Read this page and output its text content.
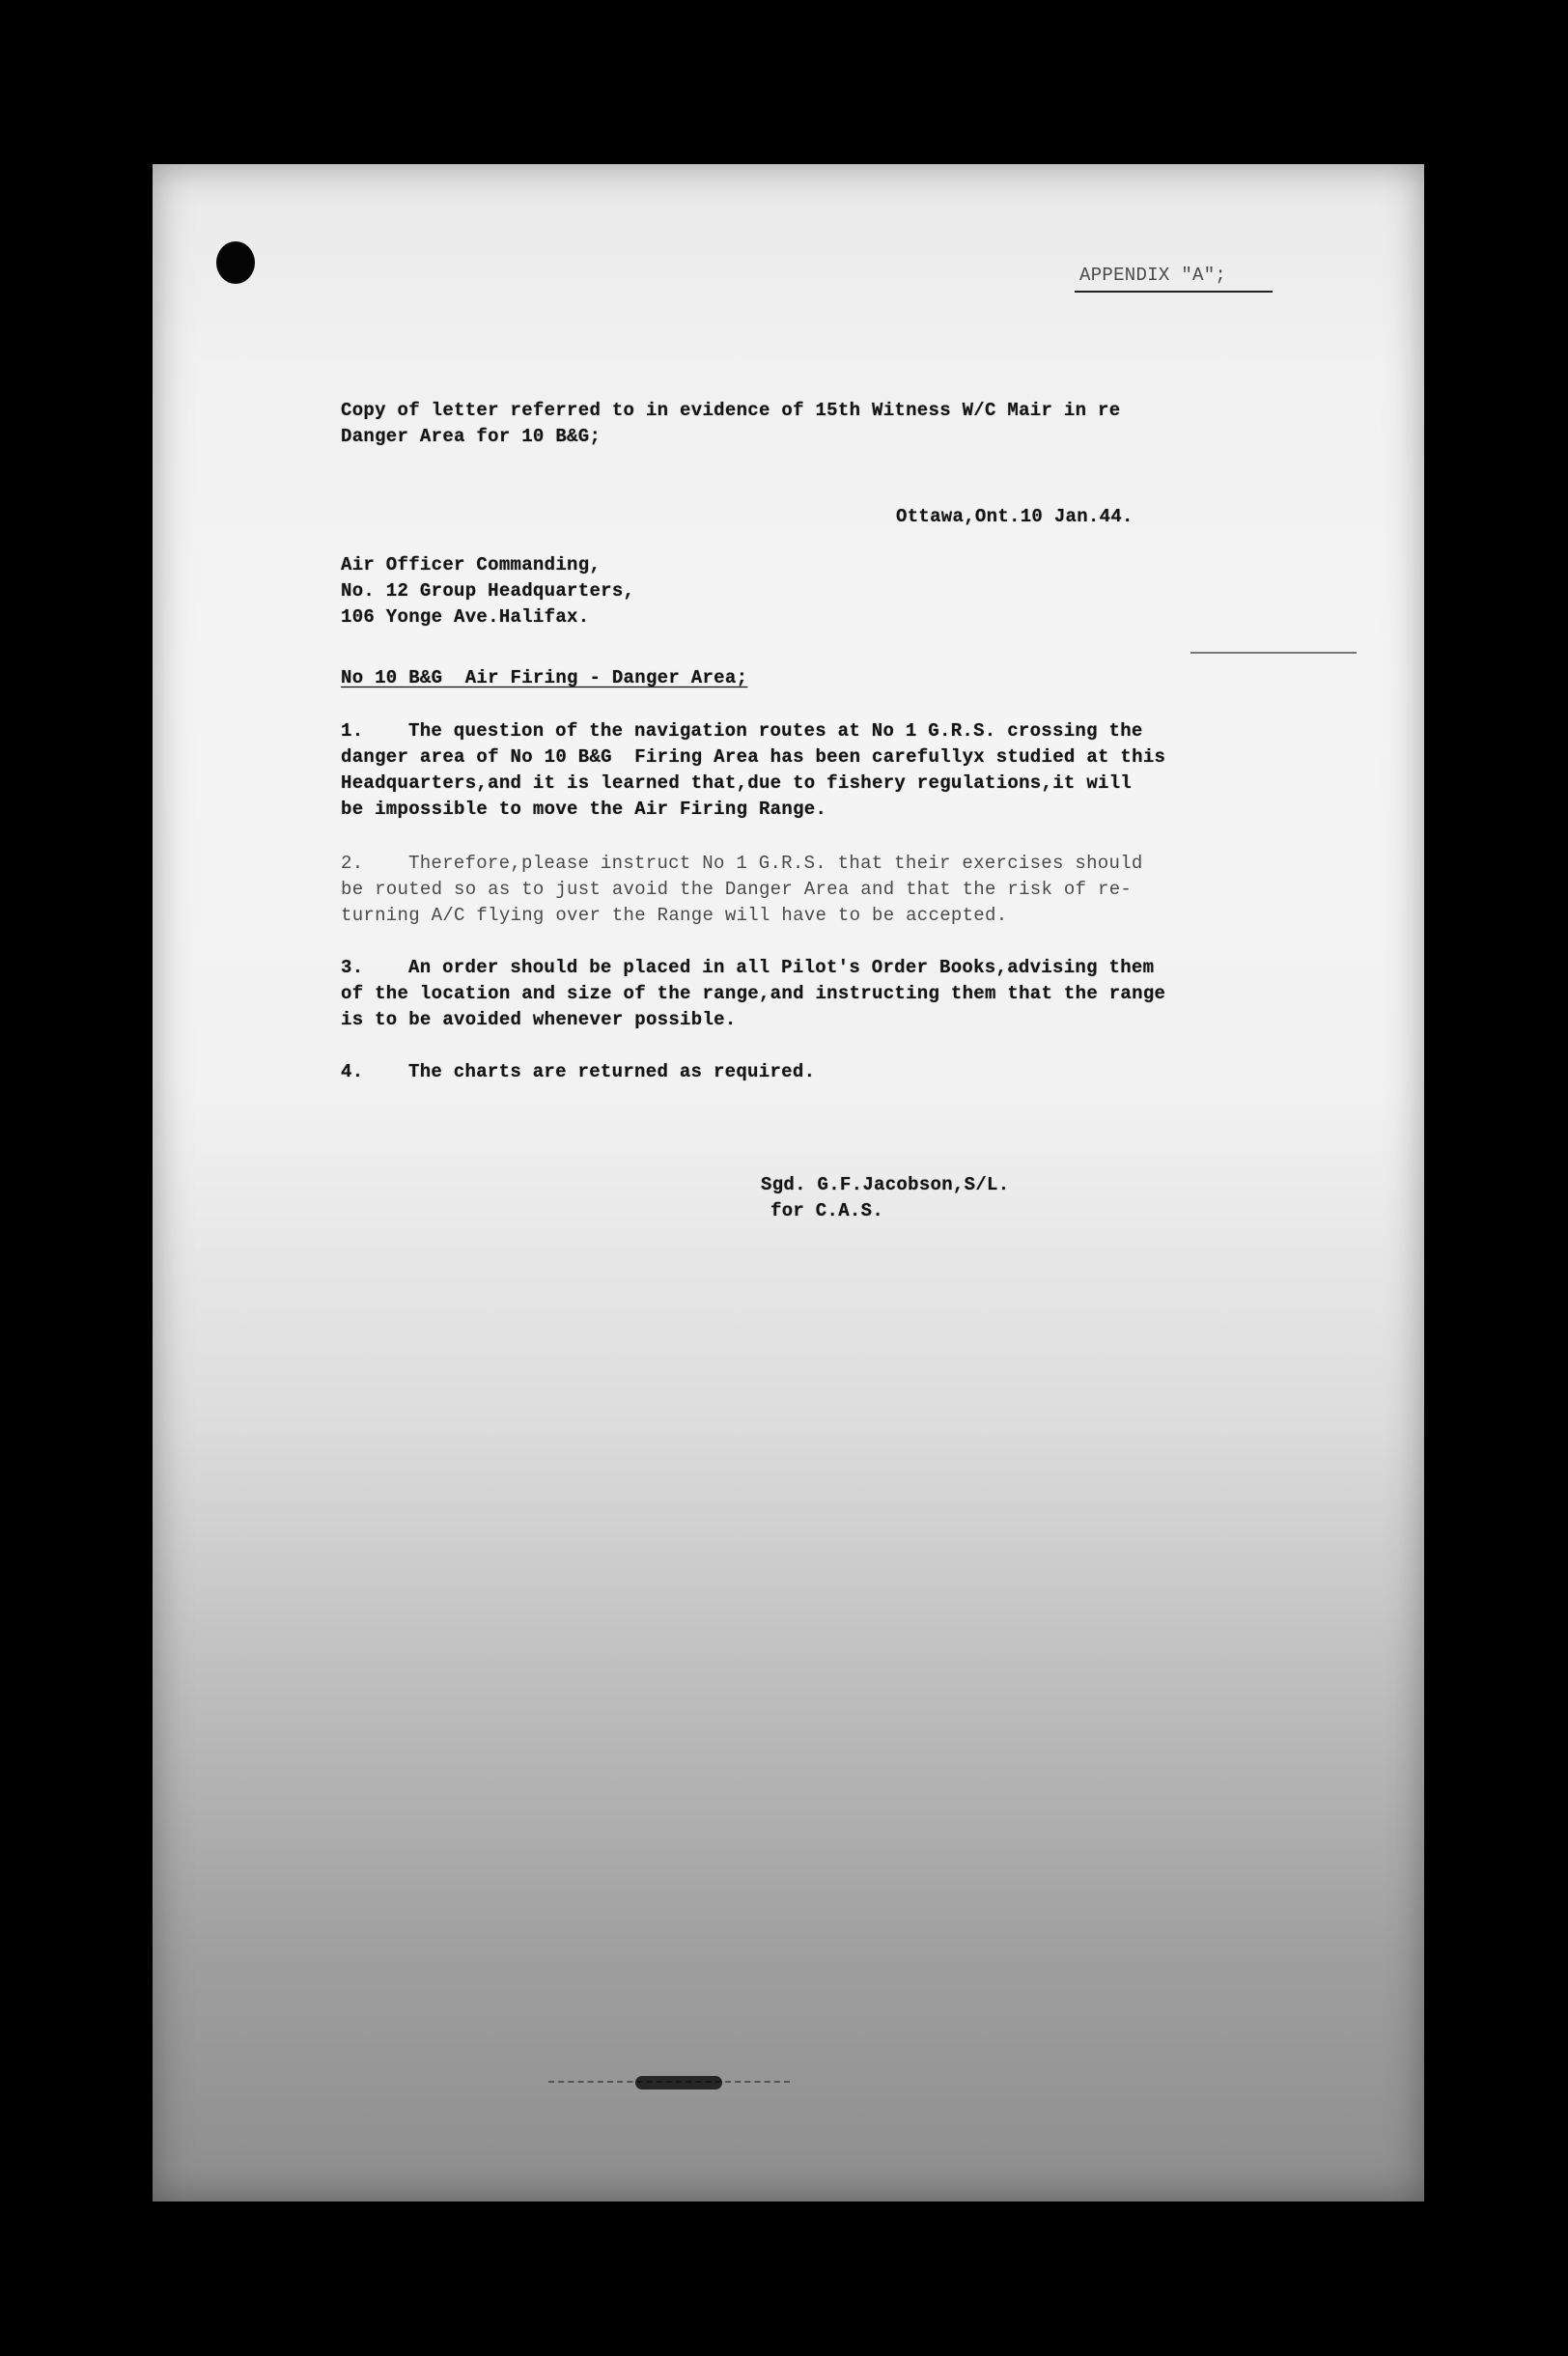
APPENDIX "A";

Copy of letter referred to in evidence of 15th Witness W/C Mair in re

Danger Area for 10 B&G;

Ottawa,Ont.10 Jan.44.

Air Officer Commanding,

No. 12 Group Headquarters,

106 Yonge Ave.Halifax.

No 10 B&G  Air Firing - Danger Area;

1. The question of the navigation routes at No 1 G.R.S. crossing the

danger area of No 10 B&G  Firing Area has been carefullyx studied at this

Headquarters,and it is learned that,due to fishery regulations,it will

be impossible to move the Air Firing Range.

2. Therefore,please instruct No 1 G.R.S. that their exercises should

be routed so as to just avoid the Danger Area and that the risk of re-

turning A/C flying over the Range will have to be accepted.

3. An order should be placed in all Pilot's Order Books,advising them

of the location and size of the range,and instructing them that the range

is to be avoided whenever possible.

4. The charts are returned as required.

Sgd. G.F.Jacobson,S/L.

for C.A.S.
